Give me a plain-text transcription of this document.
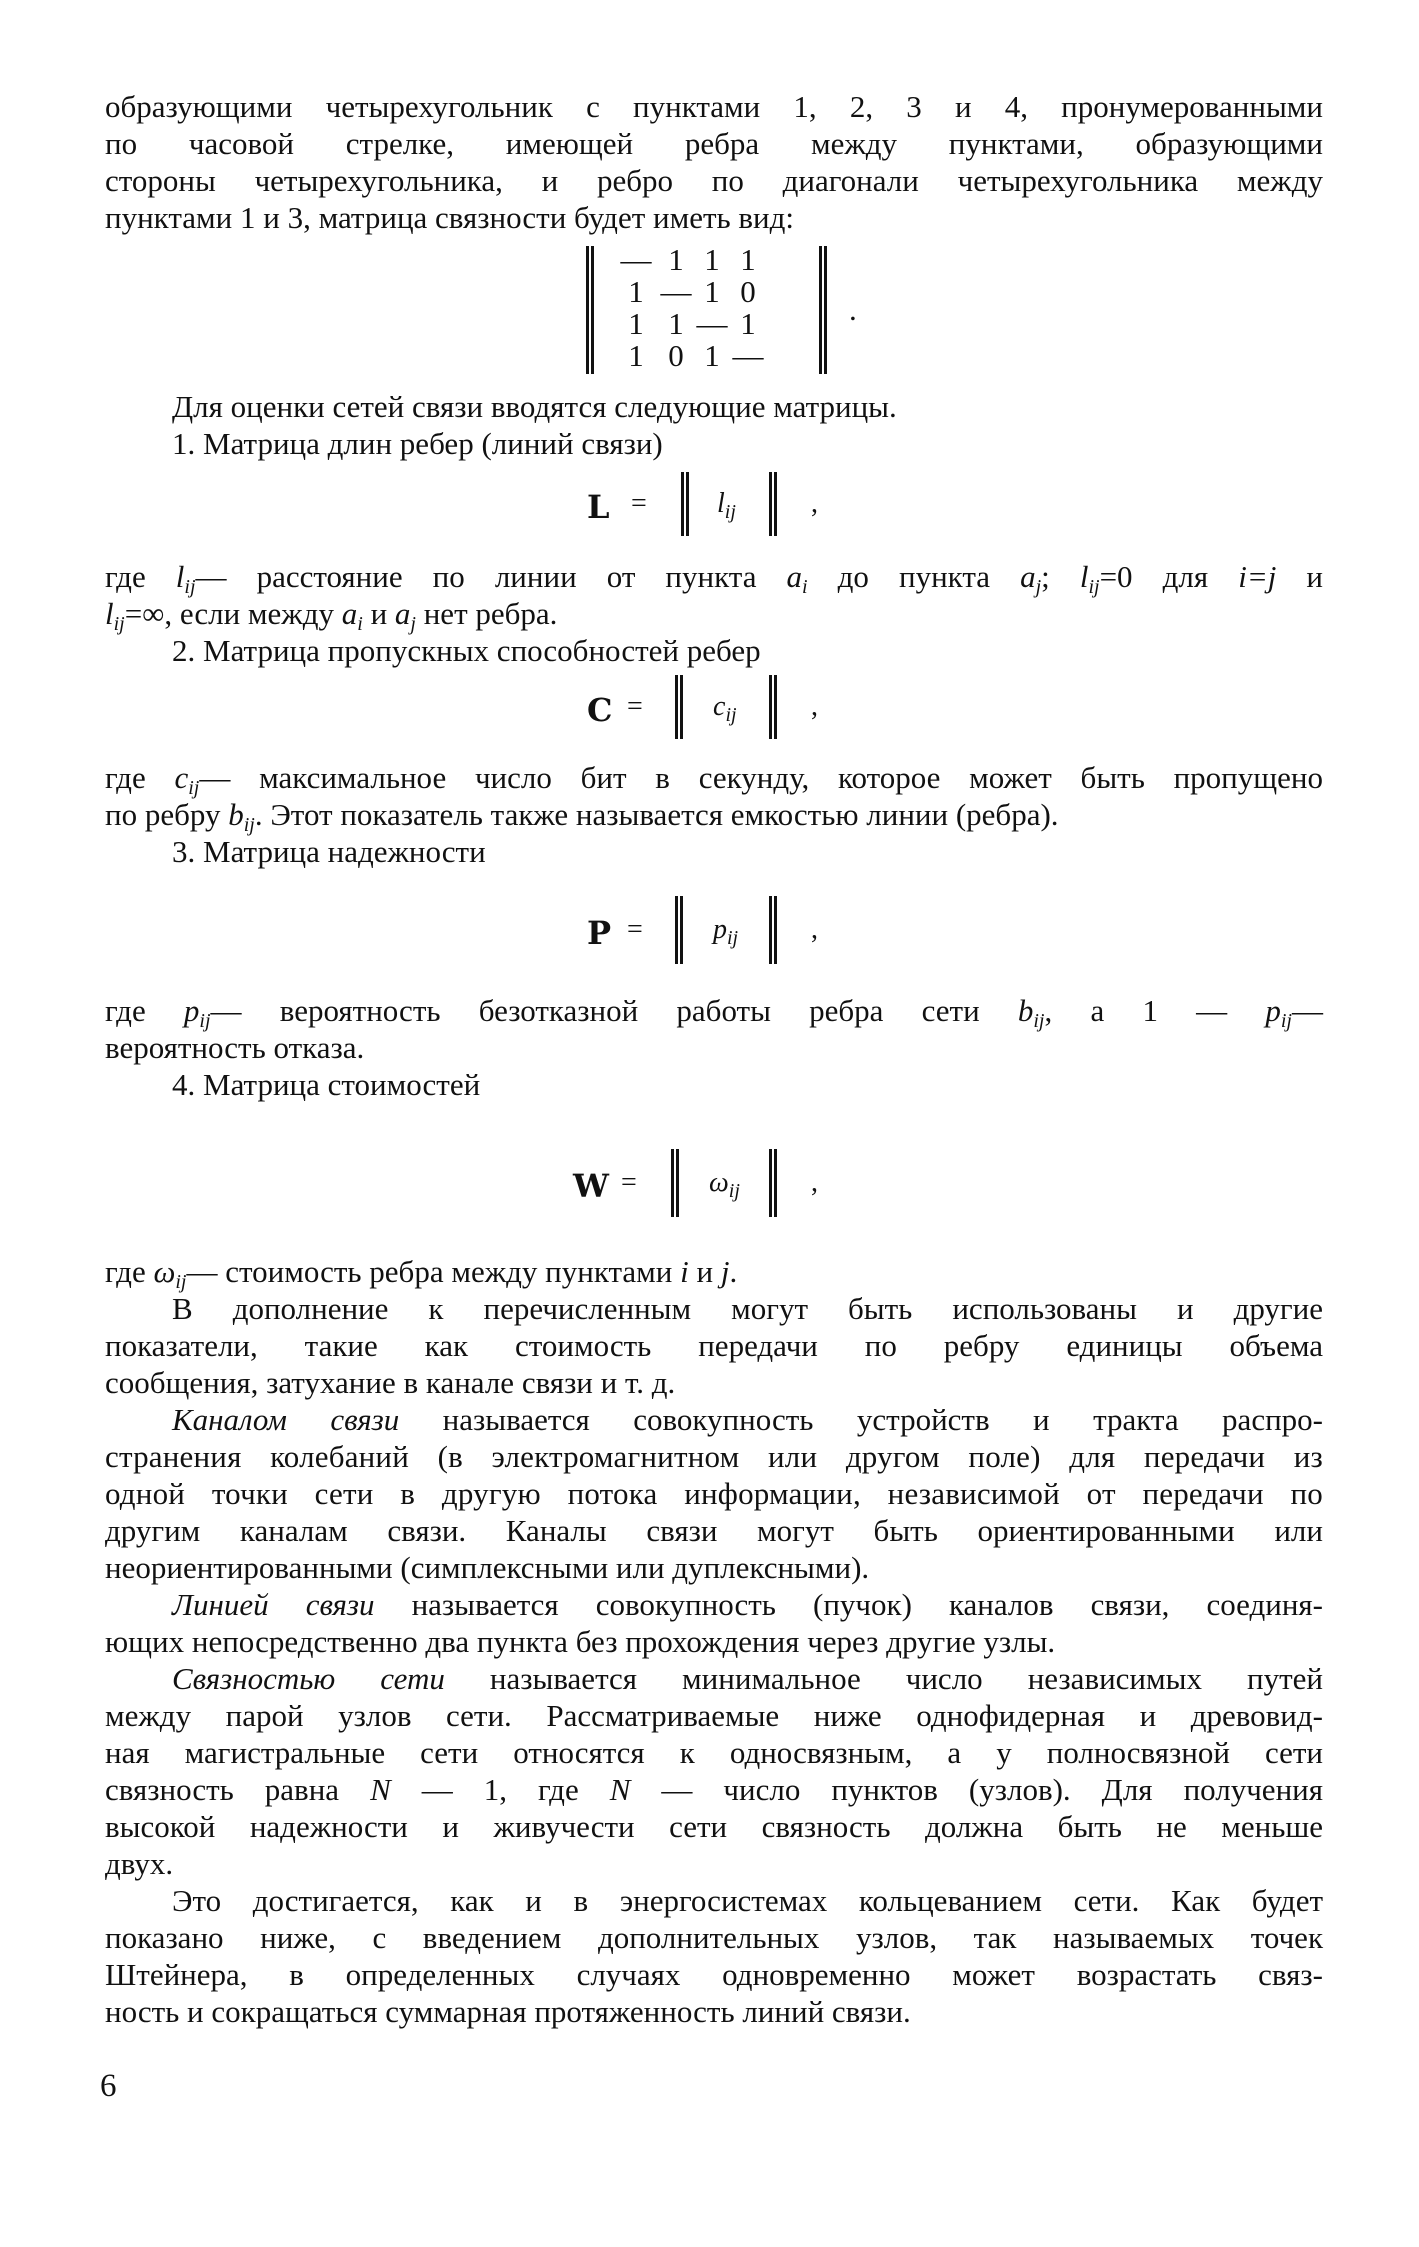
образующими четырехугольник с пунктами 1, 2, 3 и 4, пронумерованными

по часовой стрелке, имеющей ребра между пунктами, образующими

стороны четырехугольника, и ребро по диагонали четырехугольника между

пунктами 1 и 3, матрица связности будет иметь вид:

— 1 1 1
1 — 1 0
1 1 — 1
1 0 1 —
.

Для оценки сетей связи вводятся следующие матрицы.

1. Матрица длин ребер (линий связи)

L =	$l_{ij}$	,

где $l_{ij}—$ расстояние по линии от пункта $a_i$ до пункта $a_j$; $l_{ij}=0$ для i=j и

$l_{ij}=\infty$, если между $a_i$ и $a_j$ нет ребра.

2. Матрица пропускных способностей ребер

C =	$c_{ij}$	,

где $c_{ij}—$ максимальное число бит в секунду, которое может быть пропущено

по ребру $b_{ij}$. Этот показатель также называется емкостью линии (ребра).

3. Матрица надежности

P =	$p_{ij}$	,

где $p_{ij}—$ вероятность безотказной работы ребра сети $b_{ij}$, а 1 — $p_{ij}—$

вероятность отказа.

4. Матрица стоимостей

W =	$\omega_{ij}$	,

где $\omega_{ij}—$ стоимость ребра между пунктами i и j.

В дополнение к перечисленным могут быть использованы и другие

показатели, такие как стоимость передачи по ребру единицы объема

сообщения, затухание в канале связи и т. д.

Каналом связи называется совокупность устройств и тракта распро-

странения колебаний (в электромагнитном или другом поле) для передачи из

одной точки сети в другую потока информации, независимой от передачи по

другим каналам связи. Каналы связи могут быть ориентированными или

неориентированными (симплексными или дуплексными).

Линией связи называется совокупность (пучок) каналов связи, соединя-

ющих непосредственно два пункта без прохождения через другие узлы.

Связностью сети называется минимальное число независимых путей

между парой узлов сети. Рассматриваемые ниже однофидерная и древовид-

ная магистральные сети относятся к односвязным, а у полносвязной сети

связность равна N — 1, где N — число пунктов (узлов). Для получения

высокой надежности и живучести сети связность должна быть не меньше

двух.

Это достигается, как и в энергосистемах кольцеванием сети. Как будет

показано ниже, с введением дополнительных узлов, так называемых точек

Штейнера, в определенных случаях одновременно может возрастать связ-

ность и сокращаться суммарная протяженность линий связи.

6
